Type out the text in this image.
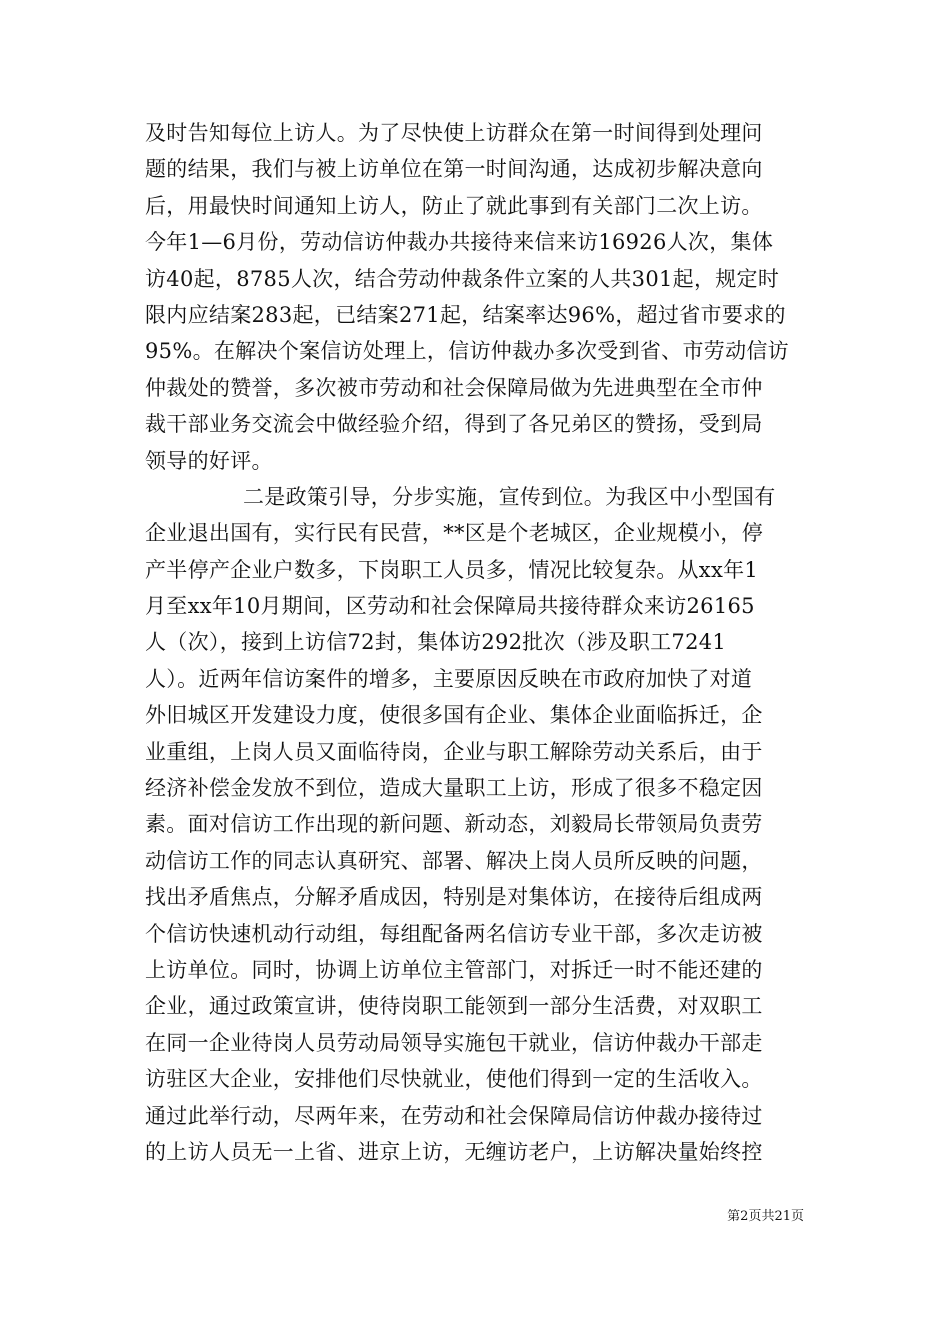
及时告知每位上访人。为了尽快使上访群众在第一时间得到处理问
题的结果，我们与被上访单位在第一时间沟通，达成初步解决意向
后，用最快时间通知上访人，防止了就此事到有关部门二次上访。
今年1—6月份，劳动信访仲裁办共接待来信来访16926人次，集体
访40起，8785人次，结合劳动仲裁条件立案的人共301起，规定时
限内应结案283起，已结案271起，结案率达96%，超过省市要求的
95%。在解决个案信访处理上，信访仲裁办多次受到省、市劳动信访
仲裁处的赞誉，多次被市劳动和社会保障局做为先进典型在全市仲
裁干部业务交流会中做经验介绍，得到了各兄弟区的赞扬，受到局
领导的好评。
二是政策引导，分步实施，宣传到位。为我区中小型国有
企业退出国有，实行民有民营，**区是个老城区，企业规模小，停
产半停产企业户数多，下岗职工人员多，情况比较复杂。从xx年1
月至xx年10月期间，区劳动和社会保障局共接待群众来访26165
人（次），接到上访信72封，集体访292批次（涉及职工7241
人）。近两年信访案件的增多，主要原因反映在市政府加快了对道
外旧城区开发建设力度，使很多国有企业、集体企业面临拆迁，企
业重组，上岗人员又面临待岗，企业与职工解除劳动关系后，由于
经济补偿金发放不到位，造成大量职工上访，形成了很多不稳定因
素。面对信访工作出现的新问题、新动态，刘毅局长带领局负责劳
动信访工作的同志认真研究、部署、解决上岗人员所反映的问题，
找出矛盾焦点，分解矛盾成因，特别是对集体访，在接待后组成两
个信访快速机动行动组，每组配备两名信访专业干部，多次走访被
上访单位。同时，协调上访单位主管部门，对拆迁一时不能还建的
企业，通过政策宣讲，使待岗职工能领到一部分生活费，对双职工
在同一企业待岗人员劳动局领导实施包干就业，信访仲裁办干部走
访驻区大企业，安排他们尽快就业，使他们得到一定的生活收入。
通过此举行动，尽两年来，在劳动和社会保障局信访仲裁办接待过
的上访人员无一上省、进京上访，无缠访老户，上访解决量始终控
第2页共21页
